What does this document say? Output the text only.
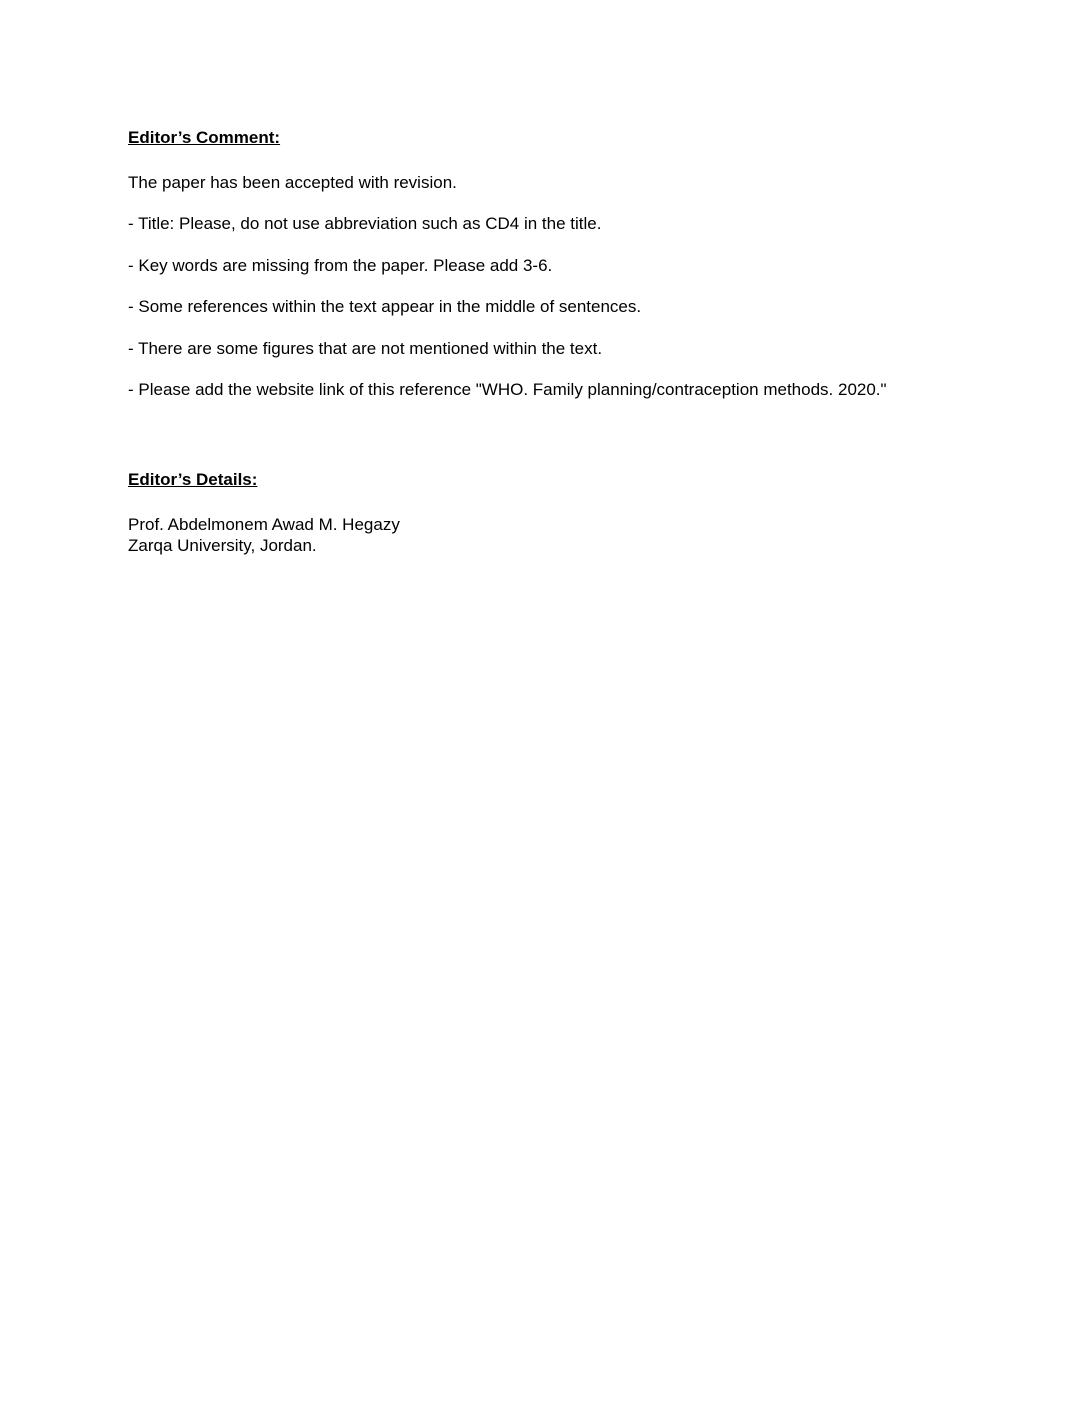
Editor’s Comment:

The paper has been accepted with revision.

- Title: Please, do not use abbreviation such as CD4 in the title.

- Key words are missing from the paper. Please add 3-6.

- Some references within the text appear in the middle of sentences.

- There are some figures that are not mentioned within the text.

- Please add the website link of this reference "WHO. Family planning/contraception methods. 2020."

Editor’s Details:

Prof. Abdelmonem Awad M. Hegazy

Zarqa University, Jordan.
